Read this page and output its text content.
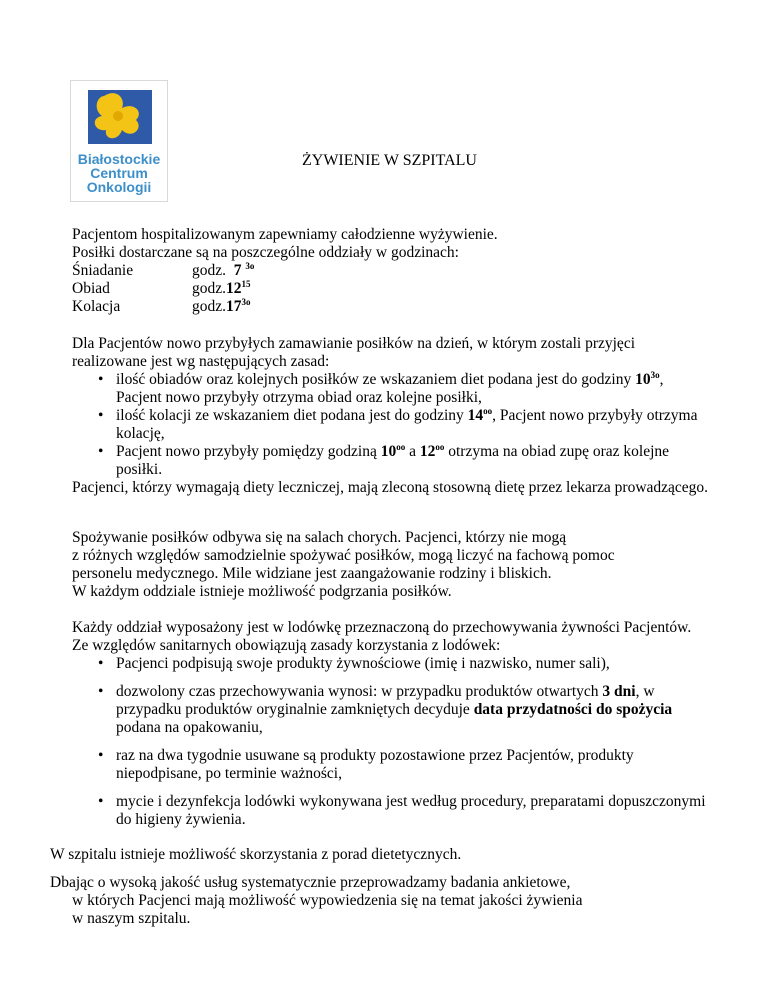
Białostockie
Centrum
Onkologii
ŻYWIENIE W SZPITALU

Pacjentom hospitalizowanym zapewniamy całodzienne wyżywienie.

Posiłki dostarczane są na poszczególne oddziały w godzinach:

Śniadanie	godz. 7 $^{3o}$
Obiad	$godz.12^{15}$
Kolacja	$godz.17^{3o}$

Dla Pacjentów nowo przybyłych zamawianie posiłków na dzień, w którym zostali przyjęci realizowane jest wg następujących zasad:

• ilość obiadów oraz kolejnych posiłków ze wskazaniem diet podana jest do godziny $10^{3o}$, Pacjent nowo przybyły otrzyma obiad oraz kolejne posiłki,
• ilość kolacji ze wskazaniem diet podana jest do godziny $14^{oo}$, Pacjent nowo przybyły otrzyma kolację,
• Pacjent nowo przybyły pomiędzy godziną $10^{oo}$ a $12^{oo}$ otrzyma na obiad zupę oraz kolejne posiłki.

Pacjenci, którzy wymagają diety leczniczej, mają zleconą stosowną dietę przez lekarza prowadzącego.

Spożywanie posiłków odbywa się na salach chorych. Pacjenci, którzy nie mogą

z różnych względów samodzielnie spożywać posiłków, mogą liczyć na fachową pomoc

personelu medycznego. Mile widziane jest zaangażowanie rodziny i bliskich.

W każdym oddziale istnieje możliwość podgrzania posiłków.

Każdy oddział wyposażony jest w lodówkę przeznaczoną do przechowywania żywności Pacjentów.

Ze względów sanitarnych obowiązują zasady korzystania z lodówek:

• Pacjenci podpisują swoje produkty żywnościowe (imię i nazwisko, numer sali),
• dozwolony czas przechowywania wynosi: w przypadku produktów otwartych 3 dni, w przypadku produktów oryginalnie zamkniętych decyduje data przydatności do spożycia podana na opakowaniu,
• raz na dwa tygodnie usuwane są produkty pozostawione przez Pacjentów, produkty niepodpisane, po terminie ważności,
• mycie i dezynfekcja lodówki wykonywana jest według procedury, preparatami dopuszczonymi do higieny żywienia.
W szpitalu istnieje możliwość skorzystania z porad dietetycznych.

Dbając o wysoką jakość usług systematycznie przeprowadzamy badania ankietowe,

w których Pacjenci mają możliwość wypowiedzenia się na temat jakości żywienia

w naszym szpitalu.
